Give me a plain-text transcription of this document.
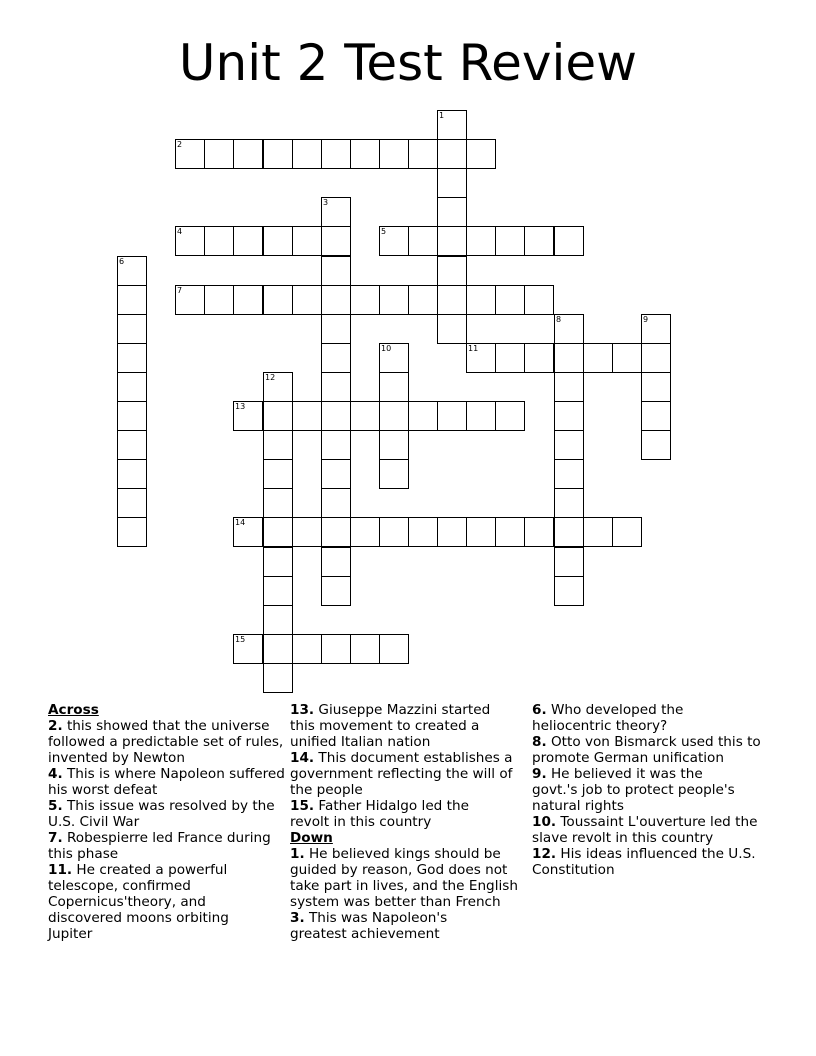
Unit 2 Test Review
1
2
3
4	5
6
7
8	9
10	11
12
13
14
15
Across
2. this showed that the universe followed a predictable set of rules, invented by Newton
4. This is where Napoleon suffered his worst defeat
5. This issue was resolved by the U.S. Civil War
7. Robespierre led France during this phase
11. He created a powerful telescope, confirmed Copernicus'theory, and discovered moons orbiting Jupiter
13. Giuseppe Mazzini started this movement to created a unified Italian nation
14. This document establishes a government reflecting the will of the people
15. Father Hidalgo led the revolt in this country
Down
1. He believed kings should be guided by reason, God does not take part in lives, and the English system was better than French
3. This was Napoleon's greatest achievement
6. Who developed the heliocentric theory?
8. Otto von Bismarck used this to promote German unification
9. He believed it was the govt.'s job to protect people's natural rights
10. Toussaint L'ouverture led the slave revolt in this country
12. His ideas influenced the U.S. Constitution
